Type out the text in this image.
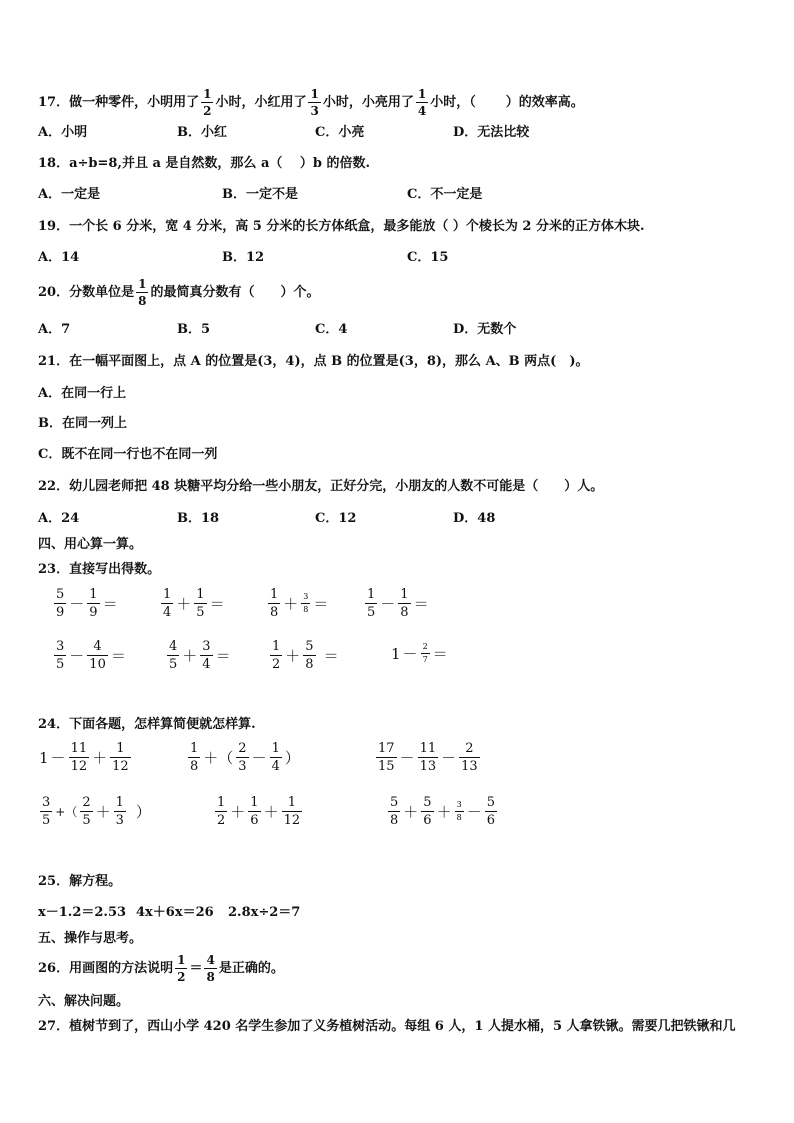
17．做一种零件，小明用了 $\frac{1}{2}$ 小时，小红用了 $\frac{1}{3}$ 小时，小亮用了 $\frac{1}{4}$ 小时，（ ）的效率高。
A．小明	B．小红	C．小亮	D．无法比较
18．a÷b=8,并且 a 是自然数，那么 a（　 ）b 的倍数.
A．一定是	B．一定不是	C．不一定是
19．一个长 6 分米，宽 4 分米，高 5 分米的长方体纸盒，最多能放（ ）个棱长为 2 分米的正方体木块.
A．14	B．12	C．15
20．分数单位是 $\frac{1}{8}$ 的最简真分数有（　　）个。
A．7	B．5	C．4	D．无数个
21．在一幅平面图上，点 A 的位置是(3，4)，点 B 的位置是(3，8)，那么 A、B 两点(　)。
A．在同一行上
B．在同一列上
C．既不在同一行也不在同一列
22．幼儿园老师把 48 块糖平均分给一些小朋友，正好分完，小朋友的人数不可能是（　　）人。
A．24	B．18	C．12	D．48
四、用心算一算。
23．直接写出得数。
$\frac{5}{9} - \frac{1}{9}$ ＝	$\frac{1}{4} + \frac{1}{5}$ ＝	$\frac{1}{8} + \frac{3}{8}$ ＝	$\frac{1}{5} - \frac{1}{8}$ ＝
$\frac{3}{5} - \frac{4}{10}$ ＝	$\frac{4}{5} + \frac{3}{4}$ ＝	$\frac{1}{2} + \frac{5}{8}$ ＝	$1 - \frac{2}{7}$ ＝
24．下面各题，怎样算简便就怎样算.
$1 - \frac{11}{12} + \frac{1}{12}$	$\frac{1}{8}$ ＋（ $\frac{2}{3} - \frac{1}{4}$ ）	$\frac{17}{15} - \frac{11}{13} - \frac{2}{13}$
$\frac{3}{5}$ +（ $\frac{2}{5} + \frac{1}{3}$ ）	$\frac{1}{2} + \frac{1}{6} + \frac{1}{12}$	$\frac{5}{8} + \frac{5}{6} + \frac{3}{8} - \frac{5}{6}$
25．解方程。
x－1.2＝2.53 4x＋6x＝26 2.8x÷2＝7
五、操作与思考。
26．用画图的方法说明 $\frac{1}{2} = \frac{4}{8}$ 是正确的。
六、解决问题。
27．植树节到了，西山小学 420 名学生参加了义务植树活动。每组 6 人，1 人提水桶，5 人拿铁锹。需要几把铁锹和几
